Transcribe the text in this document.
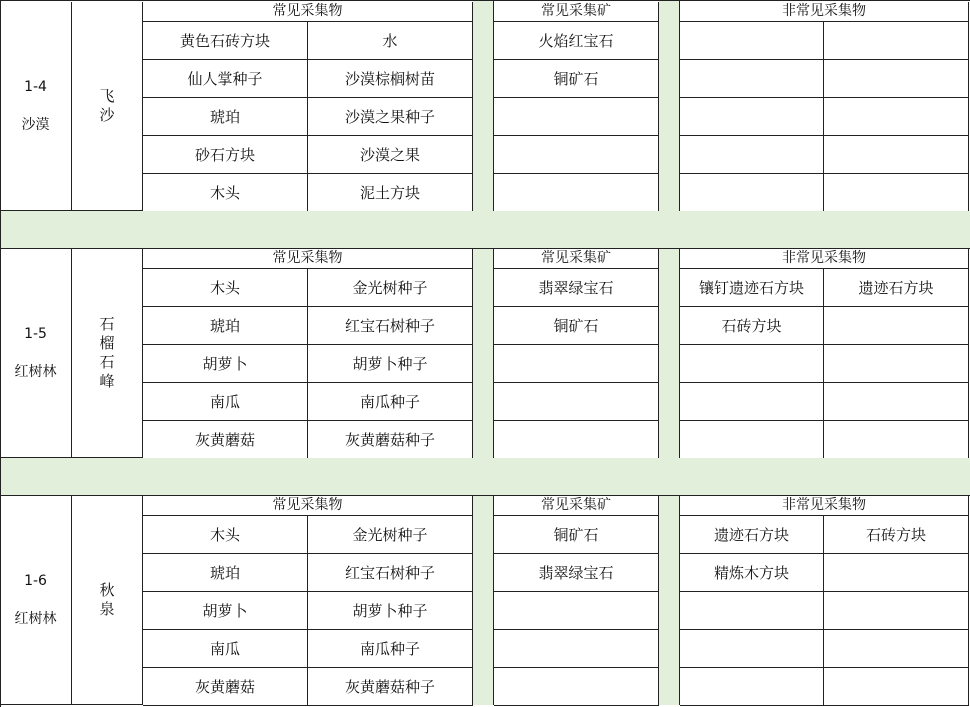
1-4
沙漠
飞
沙
常见采集物	常见采集矿	非常见采集物
黄色石砖方块	水	火焰红宝石
仙人掌种子	沙漠棕榈树苗	铜矿石
琥珀	沙漠之果种子
砂石方块	沙漠之果
木头	泥土方块
1-5
红树林
石
榴
石
峰
常见采集物	常见采集矿	非常见采集物
木头	金光树种子	翡翠绿宝石	镶钉遗迹石方块	遗迹石方块
琥珀	红宝石树种子	铜矿石	石砖方块
胡萝卜	胡萝卜种子
南瓜	南瓜种子
灰黄蘑菇	灰黄蘑菇种子
1-6
红树林
秋
泉
常见采集物	常见采集矿	非常见采集物
木头	金光树种子	铜矿石	遗迹石方块	石砖方块
琥珀	红宝石树种子	翡翠绿宝石	精炼木方块
胡萝卜	胡萝卜种子
南瓜	南瓜种子
灰黄蘑菇	灰黄蘑菇种子
